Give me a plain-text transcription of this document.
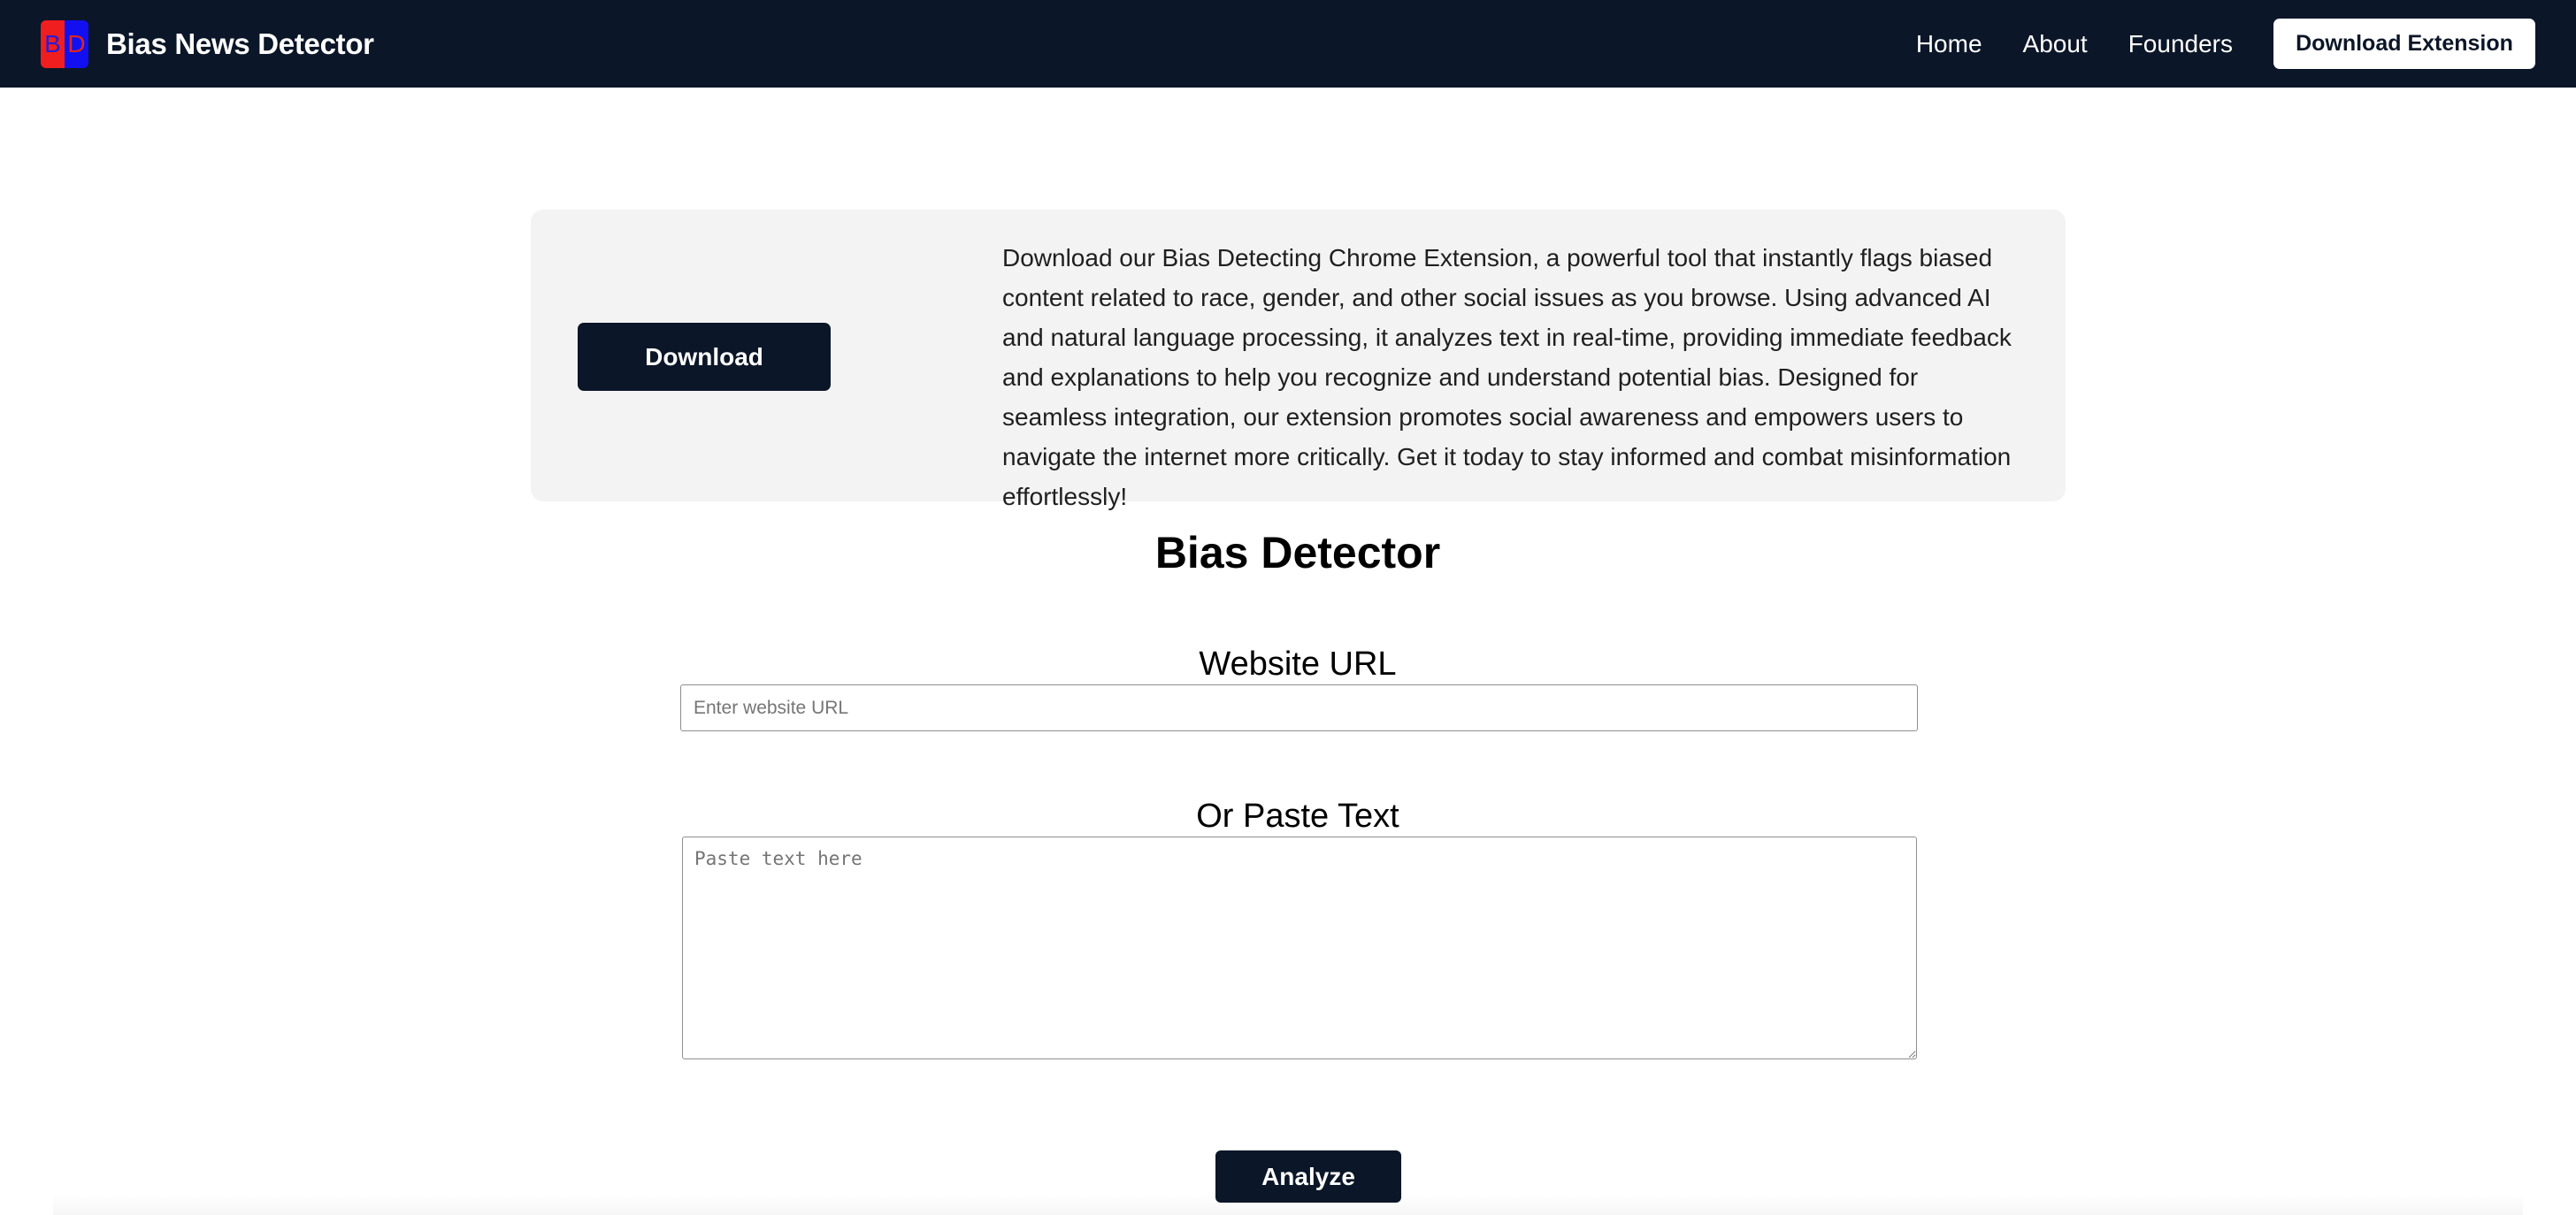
B D Bias News Detector	Home About Founders	Download Extension
Download

Download our Bias Detecting Chrome Extension, a powerful tool that instantly flags biased content related to race, gender, and other social issues as you browse. Using advanced AI and natural language processing, it analyzes text in real-time, providing immediate feedback and explanations to help you recognize and understand potential bias. Designed for seamless integration, our extension promotes social awareness and empowers users to navigate the internet more critically. Get it today to stay informed and combat misinformation effortlessly!

Bias Detector
Website URL
Enter website URL
Or Paste Text
Paste text here
Analyze
